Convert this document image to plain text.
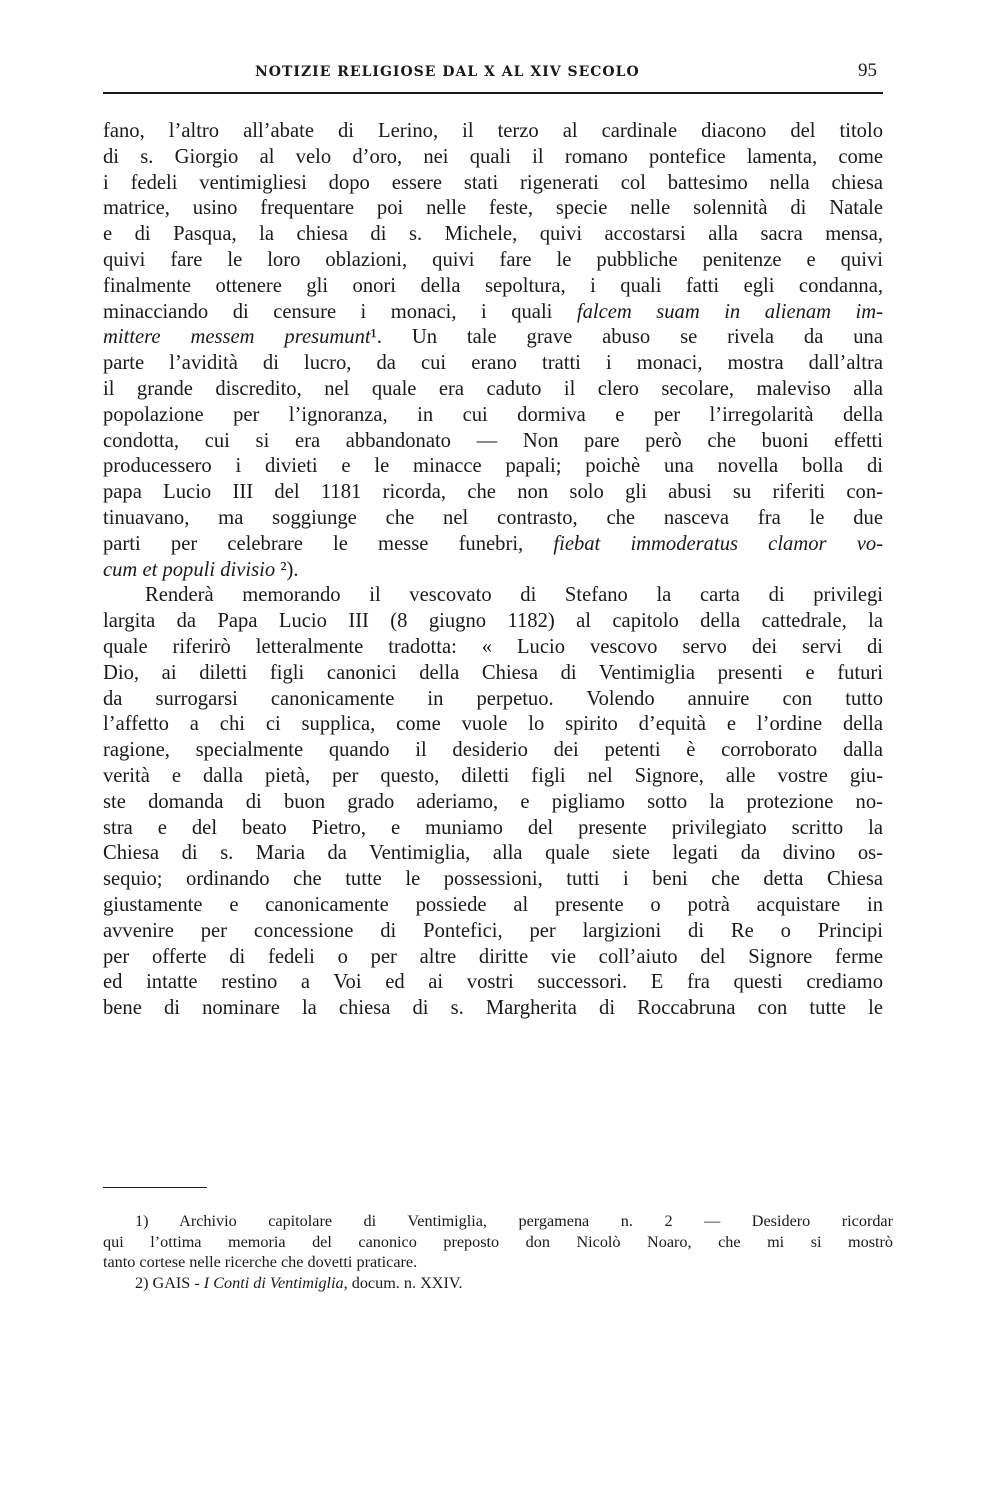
NOTIZIE RELIGIOSE DAL X AL XIV SECOLO	95
fano, l’altro all’abate di Lerino, il terzo al cardinale diacono del titolo
di s. Giorgio al velo d’oro, nei quali il romano pontefice lamenta, come
i fedeli ventimigliesi dopo essere stati rigenerati col battesimo nella chiesa
matrice, usino frequentare poi nelle feste, specie nelle solennità di Natale
e di Pasqua, la chiesa di s. Michele, quivi accostarsi alla sacra mensa,
quivi fare le loro oblazioni, quivi fare le pubbliche penitenze e quivi
finalmente ottenere gli onori della sepoltura, i quali fatti egli condanna,
minacciando di censure i monaci, i quali falcem suam in alienam im-
mittere messem presumunt¹. Un tale grave abuso se rivela da una
parte l’avidità di lucro, da cui erano tratti i monaci, mostra dall’altra
il grande discredito, nel quale era caduto il clero secolare, maleviso alla
popolazione per l’ignoranza, in cui dormiva e per l’irregolarità della
condotta, cui si era abbandonato — Non pare però che buoni effetti
producessero i divieti e le minacce papali; poichè una novella bolla di
papa Lucio III del 1181 ricorda, che non solo gli abusi su riferiti con-
tinuavano, ma soggiunge che nel contrasto, che nasceva fra le due
parti per celebrare le messe funebri, fiebat immoderatus clamor vo-
cum et populi divisio ²).
Renderà memorando il vescovato di Stefano la carta di privilegi
largita da Papa Lucio III (8 giugno 1182) al capitolo della cattedrale, la
quale riferirò letteralmente tradotta: « Lucio vescovo servo dei servi di
Dio, ai diletti figli canonici della Chiesa di Ventimiglia presenti e futuri
da surrogarsi canonicamente in perpetuo. Volendo annuire con tutto
l’affetto a chi ci supplica, come vuole lo spirito d’equità e l’ordine della
ragione, specialmente quando il desiderio dei petenti è corroborato dalla
verità e dalla pietà, per questo, diletti figli nel Signore, alle vostre giu-
ste domanda di buon grado aderiamo, e pigliamo sotto la protezione no-
stra e del beato Pietro, e muniamo del presente privilegiato scritto la
Chiesa di s. Maria da Ventimiglia, alla quale siete legati da divino os-
sequio; ordinando che tutte le possessioni, tutti i beni che detta Chiesa
giustamente e canonicamente possiede al presente o potrà acquistare in
avvenire per concessione di Pontefici, per largizioni di Re o Principi
per offerte di fedeli o per altre diritte vie coll’aiuto del Signore ferme
ed intatte restino a Voi ed ai vostri successori. E fra questi crediamo
bene di nominare la chiesa di s. Margherita di Roccabruna con tutte le
1) Archivio capitolare di Ventimiglia, pergamena n. 2 — Desidero ricordar
qui l’ottima memoria del canonico preposto don Nicolò Noaro, che mi si mostrò
tanto cortese nelle ricerche che dovetti praticare.
2) GAIS - I Conti di Ventimiglia, docum. n. XXIV.
